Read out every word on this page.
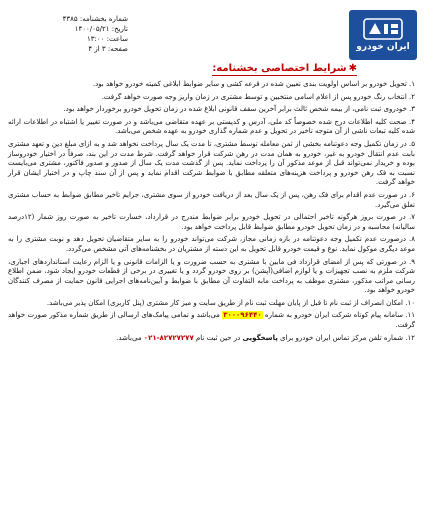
ایران خودرو
شماره بخشنامه: ۴۳۸۵
تاریخ: ۱۴۰۰/۰۵/۲۱
ساعت: ۱۳:۰۰
صفحه: ۳ از ۴
✱شرایط اختصاصی بخشنامه:

۱. تحویل خودرو بر اساس اولویت بندی تعیین شده در قرعه کشی و سایر ضوابط ابلاغی کمیته خودرو خواهد بود.

۲. انتخاب رنگ خودرو پس از اعلام اسامی منتخبین و توسط مشتری در زمان واریز وجه صورت خواهد گرفت.

۳. خودروی ثبت نامی، از بیمه شخص ثالث برابر آخرین سقف قانونی ابلاغ شده در زمان تحویل خودرو برخوردار خواهد بود.

۴. صحت کلیه اطلاعات درج شده خصوصاً کد ملی، آدرس و کدپستی بر عهده متقاضی می‌باشد و در صورت تغییر یا اشتباه در اطلاعات ارائه شده کلیه تبعات ناشی از آن متوجه تاخیر در تحویل و عدم شماره گذاری خودرو به عهده شخص می‌باشد.

۵. در زمان تکمیل وجه دعوتنامه بخشی از ثمن معامله توسط مشتری، تا مدت یک سال پرداخت نخواهد شد و به ازای مبلغ دین و تعهد مشتری بابت عدم انتقال خودرو به غیر، خودرو به همان مدت در رهن شرکت قرار خواهد گرفت. شرط مدت در این بند، صرفاً در اختیار خودروساز بوده و خریدار نمی‌تواند قبل از موعد مذکور آن را پرداخت نماید. پس از گذشت مدت یک سال از صدور و صدور فاکتور، مشتری می‌بایست نسبت به فک رهن خودرو و پرداخت هزینه‌های متعلقه مطابق با ضوابط شرکت اقدام نماید و پس از آن سند چاپ و در اختیار ایشان قرار خواهد گرفت.

۶. در صورت عدم اقدام برای فک رهن، پس از یک سال بعد از دریافت خودرو از سوی مشتری، جرایم تاخیر مطابق ضوابط به حساب مشتری تعلق می‌گیرد.

۷. در صورت بروز هرگونه تاخیر احتمالی در تحویل خودرو برابر ضوابط مندرج در قرارداد، خسارت تاخیر به صورت روز شمار (۱۲درصد سالیانه) محاسبه و در زمان تحویل خودرو مطابق ضوابط قابل پرداخت خواهد بود.

۸. درصورت عدم تکمیل وجه دعوتنامه در بازه زمانی مجاز، شرکت می‌تواند خودرو را به سایر متقاضیان تحویل دهد و نوبت مشتری را به موعد دیگری موکول نماید. نوع و قیمت خودرو قابل تحویل به این دسته از مشتریان در بخشنامه‌های آتی مشخص می‌گردد.

۹. در صورتی که پس از امضای قرارداد فی مابین با مشتری به حسب ضرورت و یا الزامات قانونی و یا الزام رعایت استانداردهای اجباری، شرکت ملزم به نصب تجهیزات و یا لوازم اضافی(آپشن) بر روی خودرو گردد و یا تغییری در برخی از قطعات خودرو ایجاد شود، ضمن اطلاع رسانی مراتب مذکور، مشتری موظف به پرداخت مابه التفاوت آن مطابق با ضوابط و آیین‌نامه‌های اجرایی قانون حمایت از مصرف کنندگان خودرو خواهد بود.

۱۰. امکان انصراف از ثبت نام تا قبل از پایان مهلت ثبت نام از طریق سایت و میز کار مشتری (پنل کاربری) امکان پذیر می‌باشد.

۱۱. سامانه پیام کوتاه شرکت ایران خودرو به شماره ۳۰۰۰۹۶۴۴۰ می‌باشد و تمامی پیامک‌های ارسالی از طریق شماره مذکور صورت خواهد گرفت.

۱۲. شماره تلفن مرکز تماس ایران خودرو برای پاسخگویی در حین ثبت نام ۸۲۷۲۷۲۷۷-۰۲۱ می‌باشد.
